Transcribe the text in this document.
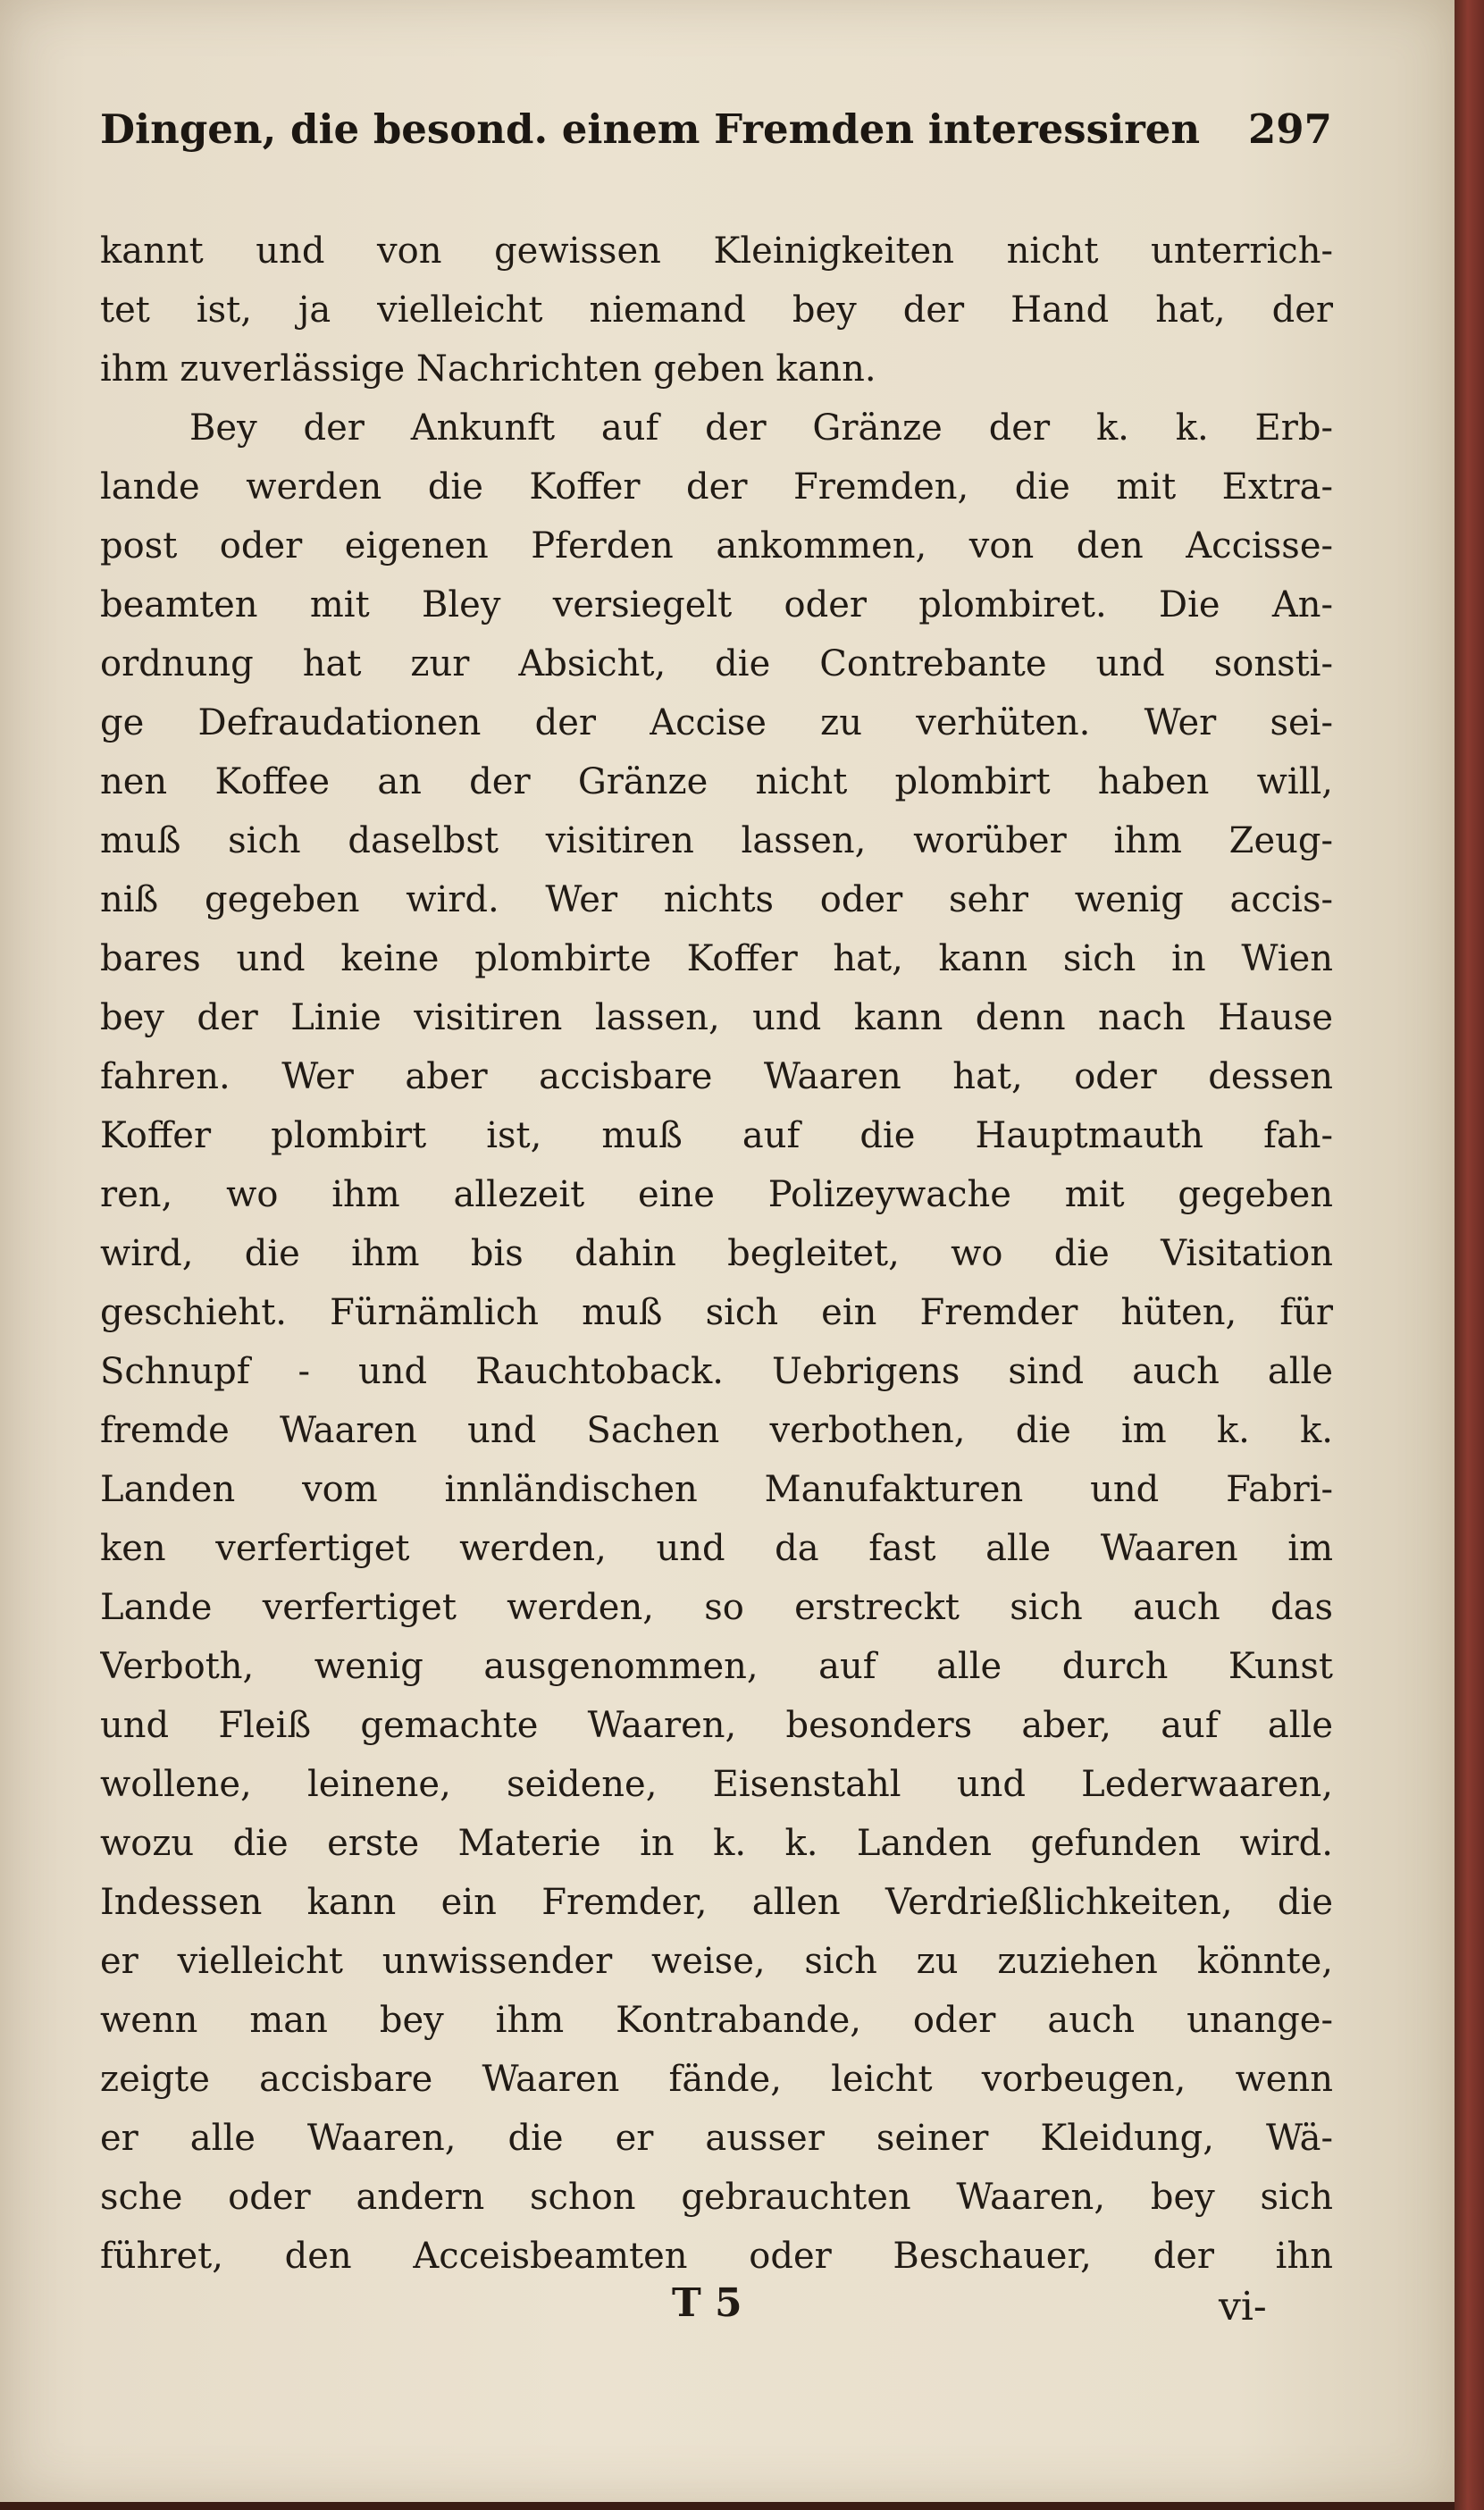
Dingen, die besond. einem Fremden interessiren 297
kannt und von gewissen Kleinigkeiten nicht unterrich-
tet ist, ja vielleicht niemand bey der Hand hat, der
ihm zuverlässige Nachrichten geben kann.
Bey der Ankunft auf der Gränze der k. k. Erb-
lande werden die Koffer der Fremden, die mit Extra-
post oder eigenen Pferden ankommen, von den Accisse-
beamten mit Bley versiegelt oder plombiret. Die An-
ordnung hat zur Absicht, die Contrebante und sonsti-
ge Defraudationen der Accise zu verhüten. Wer sei-
nen Koffee an der Gränze nicht plombirt haben will,
muß sich daselbst visitiren lassen, worüber ihm Zeug-
niß gegeben wird. Wer nichts oder sehr wenig accis-
bares und keine plombirte Koffer hat, kann sich in Wien
bey der Linie visitiren lassen, und kann denn nach Hause
fahren. Wer aber accisbare Waaren hat, oder dessen
Koffer plombirt ist, muß auf die Hauptmauth fah-
ren, wo ihm allezeit eine Polizeywache mit gegeben
wird, die ihm bis dahin begleitet, wo die Visitation
geschieht. Fürnämlich muß sich ein Fremder hüten, für
Schnupf - und Rauchtoback. Uebrigens sind auch alle
fremde Waaren und Sachen verbothen, die im k. k.
Landen vom innländischen Manufakturen und Fabri-
ken verfertiget werden, und da fast alle Waaren im
Lande verfertiget werden, so erstreckt sich auch das
Verboth, wenig ausgenommen, auf alle durch Kunst
und Fleiß gemachte Waaren, besonders aber, auf alle
wollene, leinene, seidene, Eisenstahl und Lederwaaren,
wozu die erste Materie in k. k. Landen gefunden wird.
Indessen kann ein Fremder, allen Verdrießlichkeiten, die
er vielleicht unwissender weise, sich zu zuziehen könnte,
wenn man bey ihm Kontrabande, oder auch unange-
zeigte accisbare Waaren fände, leicht vorbeugen, wenn
er alle Waaren, die er ausser seiner Kleidung, Wä-
sche oder andern schon gebrauchten Waaren, bey sich
führet, den Acceisbeamten oder Beschauer, der ihn
T 5	vi-
